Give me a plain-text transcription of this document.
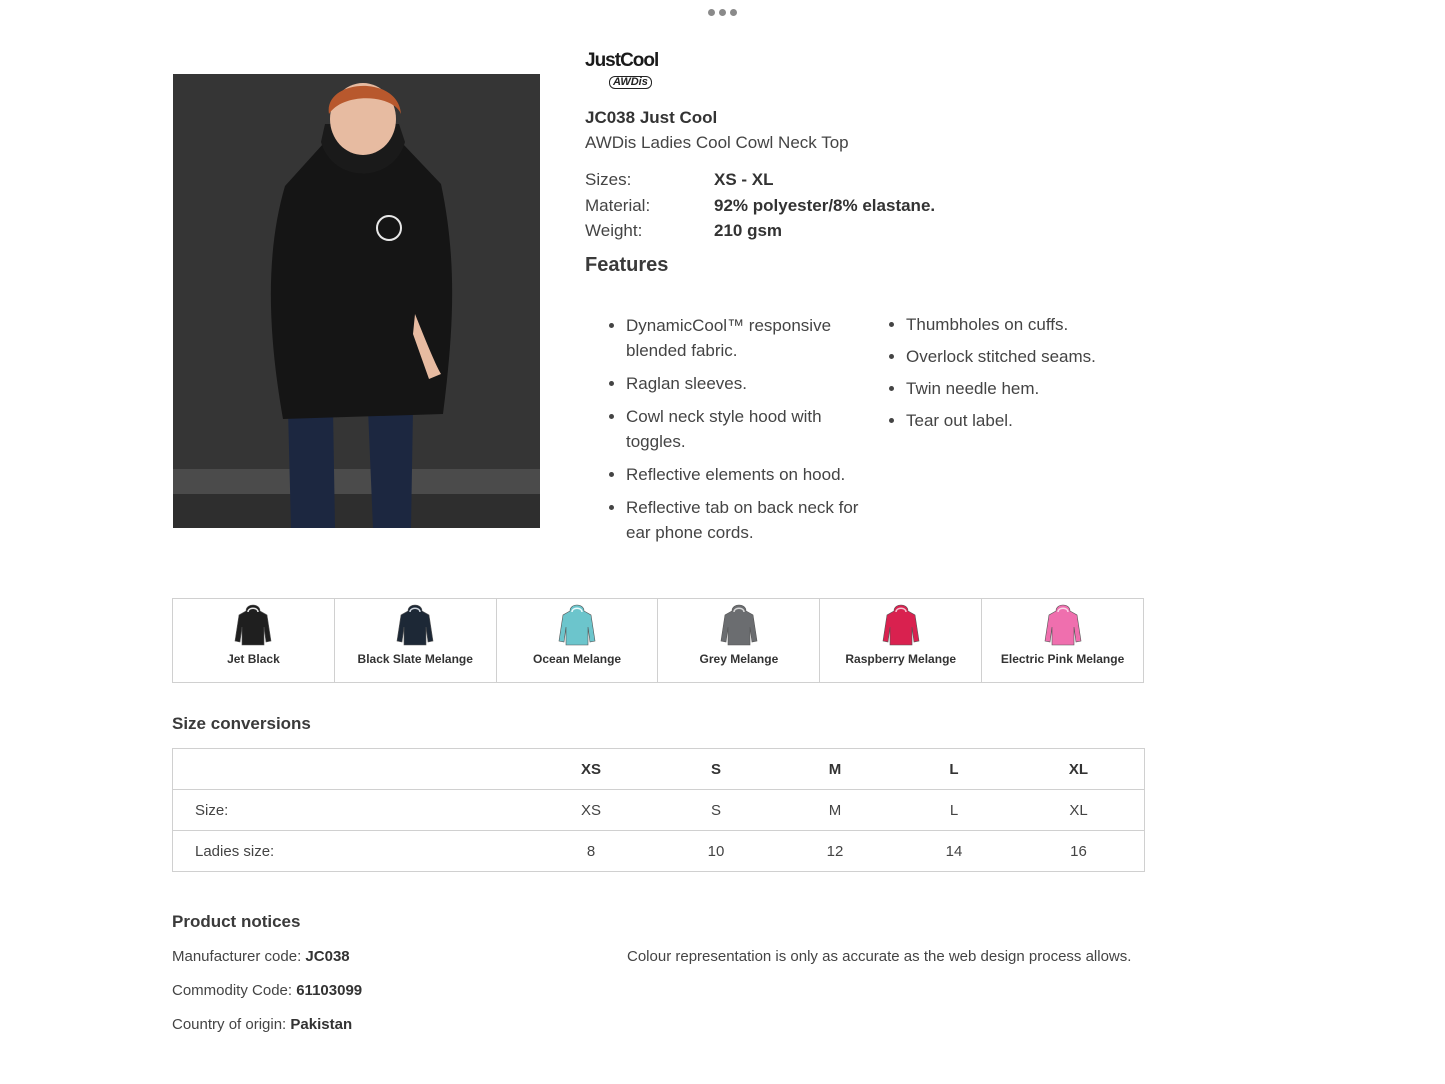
JustCool
AWDis
JC038 Just Cool
AWDis Ladies Cool Cowl Neck Top
Sizes:	XS - XL
Material:	92% polyester/8% elastane.
Weight:	210 gsm
Features
• DynamicCool™ responsive blended fabric.
• Raglan sleeves.
• Cowl neck style hood with toggles.
• Reflective elements on hood.
• Reflective tab on back neck for ear phone cords.
• Thumbholes on cuffs.
• Overlock stitched seams.
• Twin needle hem.
• Tear out label.
Jet Black	Black Slate Melange	Ocean Melange	Grey Melange	Raspberry Melange	Electric Pink Melange
Size conversions
	XS	S	M	L	XL
Size:	XS	S	M	L	XL
Ladies size:	8	10	12	14	16
Product notices
Manufacturer code: JC038
Commodity Code: 61103099
Country of origin: Pakistan
Colour representation is only as accurate as the web design process allows.
